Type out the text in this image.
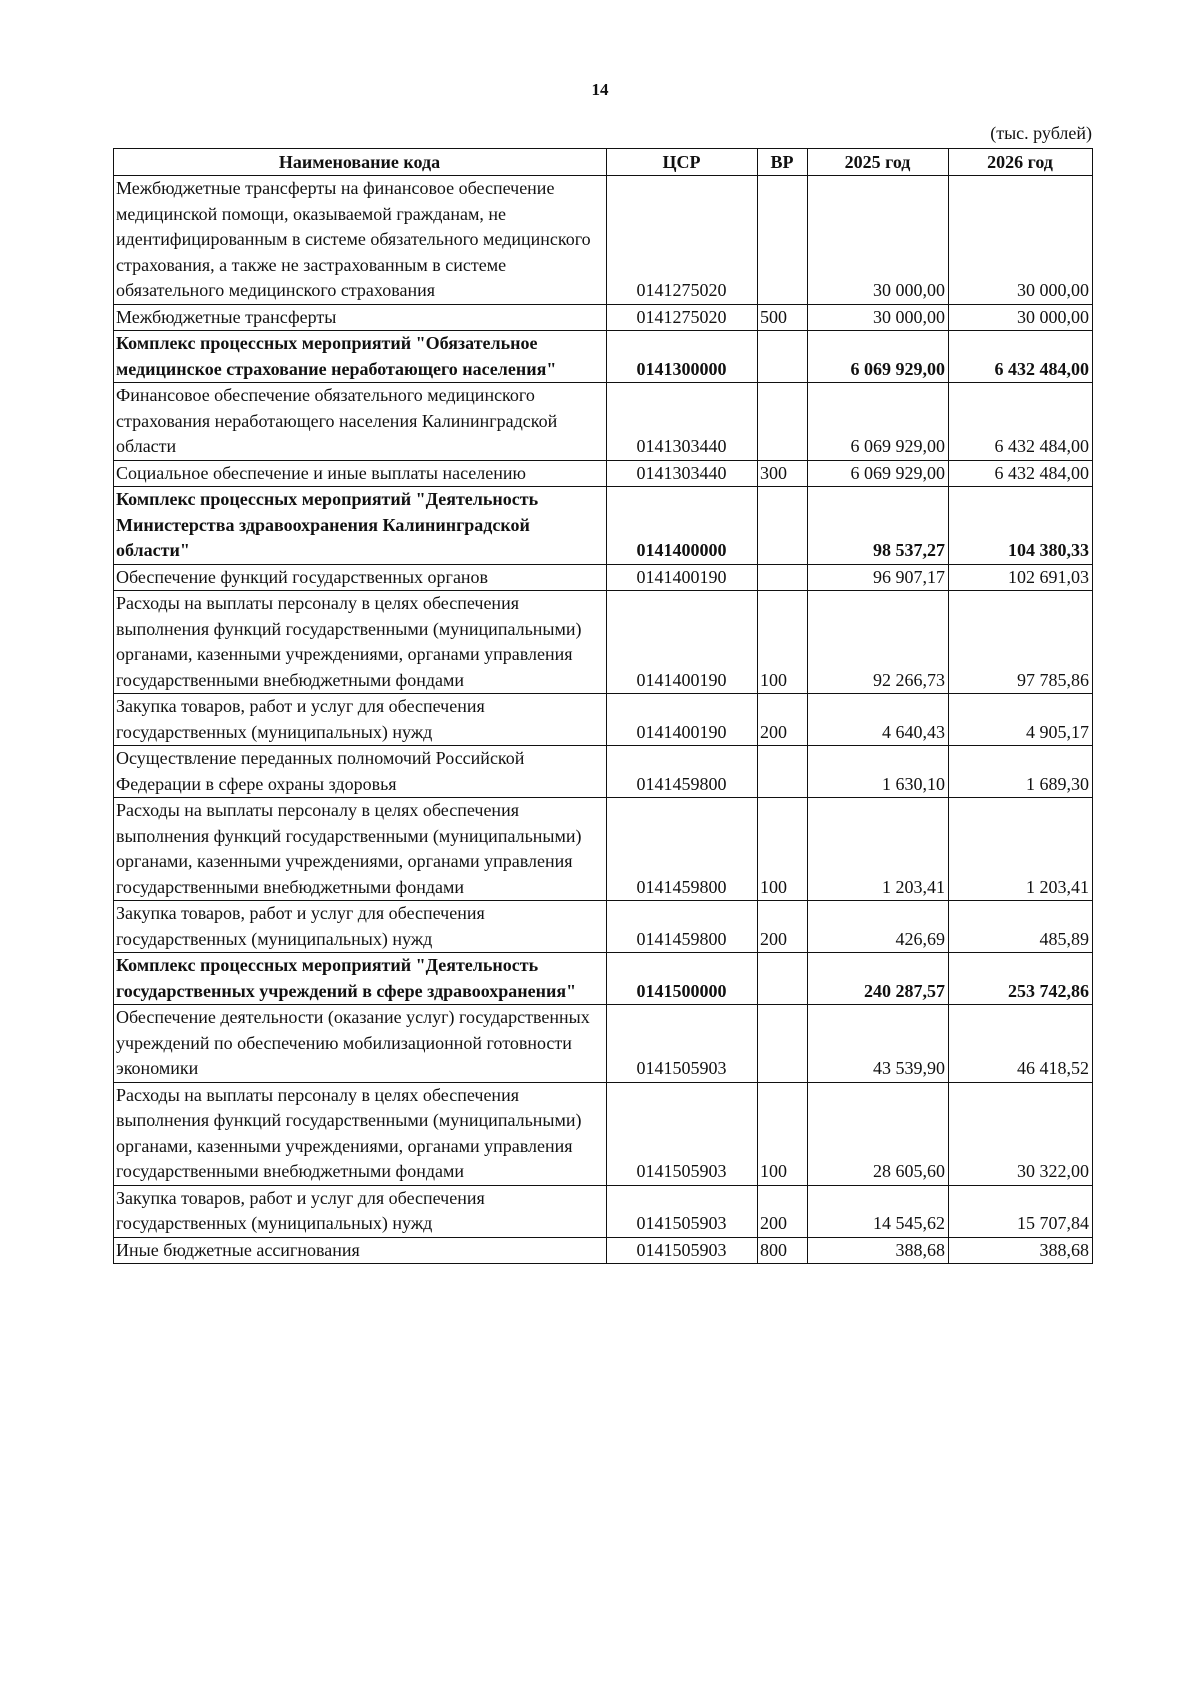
14
(тыс. рублей)
Наименование кода	ЦСР	ВР	2025 год	2026 год
Межбюджетные трансферты на финансовое обеспечение медицинской помощи, оказываемой гражданам, не идентифицированным в системе обязательного медицинского страхования, а также не застрахованным в системе обязательного медицинского страхования	0141275020		30 000,00	30 000,00
Межбюджетные трансферты	0141275020	500	30 000,00	30 000,00
Комплекс процессных мероприятий "Обязательное медицинское страхование неработающего населения"	0141300000		6 069 929,00	6 432 484,00
Финансовое обеспечение обязательного медицинского страхования неработающего населения Калининградской области	0141303440		6 069 929,00	6 432 484,00
Социальное обеспечение и иные выплаты населению	0141303440	300	6 069 929,00	6 432 484,00
Комплекс процессных мероприятий "Деятельность Министерства здравоохранения Калининградской области"	0141400000		98 537,27	104 380,33
Обеспечение функций государственных органов	0141400190		96 907,17	102 691,03
Расходы на выплаты персоналу в целях обеспечения выполнения функций государственными (муниципальными) органами, казенными учреждениями, органами управления государственными внебюджетными фондами	0141400190	100	92 266,73	97 785,86
Закупка товаров, работ и услуг для обеспечения государственных (муниципальных) нужд	0141400190	200	4 640,43	4 905,17
Осуществление переданных полномочий Российской Федерации в сфере охраны здоровья	0141459800		1 630,10	1 689,30
Расходы на выплаты персоналу в целях обеспечения выполнения функций государственными (муниципальными) органами, казенными учреждениями, органами управления государственными внебюджетными фондами	0141459800	100	1 203,41	1 203,41
Закупка товаров, работ и услуг для обеспечения государственных (муниципальных) нужд	0141459800	200	426,69	485,89
Комплекс процессных мероприятий "Деятельность государственных учреждений в сфере здравоохранения"	0141500000		240 287,57	253 742,86
Обеспечение деятельности (оказание услуг) государственных учреждений по обеспечению мобилизационной готовности экономики	0141505903		43 539,90	46 418,52
Расходы на выплаты персоналу в целях обеспечения выполнения функций государственными (муниципальными) органами, казенными учреждениями, органами управления государственными внебюджетными фондами	0141505903	100	28 605,60	30 322,00
Закупка товаров, работ и услуг для обеспечения государственных (муниципальных) нужд	0141505903	200	14 545,62	15 707,84
Иные бюджетные ассигнования	0141505903	800	388,68	388,68
